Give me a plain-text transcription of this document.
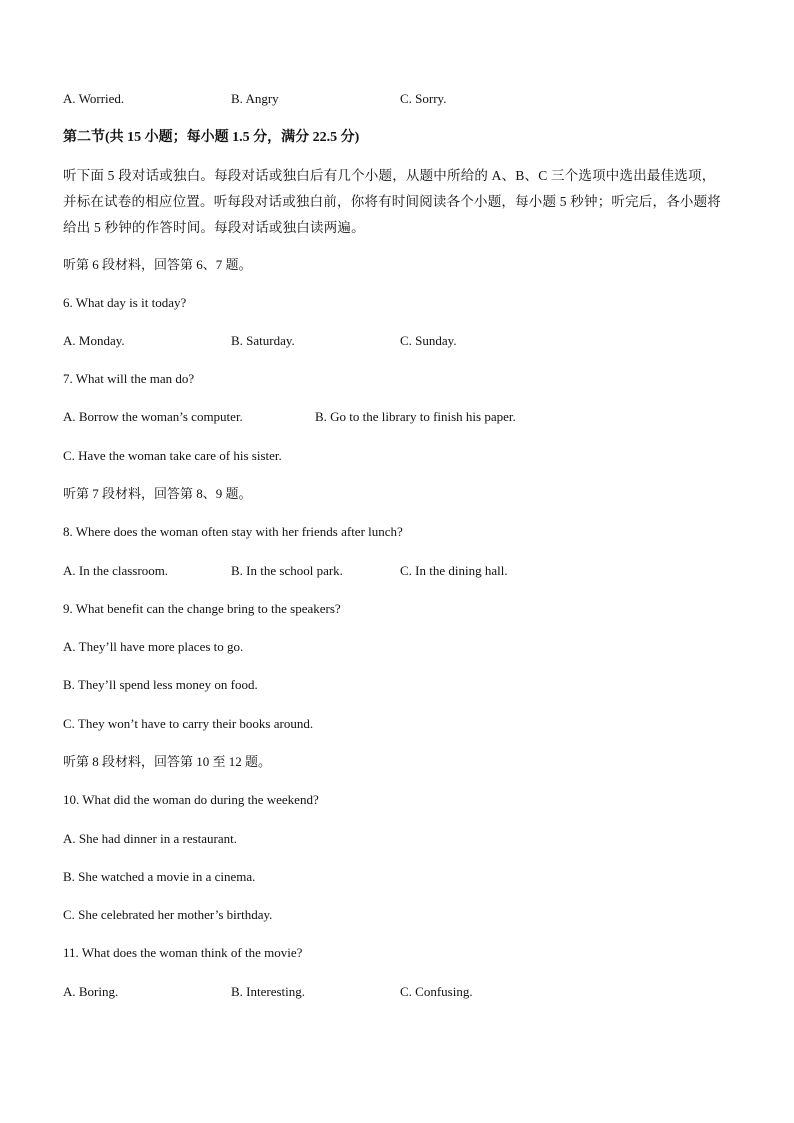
A. Worried.	B. Angry	C. Sorry.
第二节(共 15 小题；每小题 1.5 分，满分 22.5 分)
听下面 5 段对话或独白。每段对话或独白后有几个小题，从题中所给的 A、B、C 三个选项中选出最佳选项，
并标在试卷的相应位置。听每段对话或独白前，你将有时间阅读各个小题，每小题 5 秒钟；听完后，各小题将
给出 5 秒钟的作答时间。每段对话或独白读两遍。
听第 6 段材料，回答第 6、7 题。
6. What day is it today?
A. Monday.	B. Saturday.	C. Sunday.
7. What will the man do?
A. Borrow the woman’s computer.	B. Go to the library to finish his paper.
C. Have the woman take care of his sister.
听第 7 段材料，回答第 8、9 题。
8. Where does the woman often stay with her friends after lunch?
A. In the classroom.	B. In the school park.	C. In the dining hall.
9. What benefit can the change bring to the speakers?
A. They’ll have more places to go.
B. They’ll spend less money on food.
C. They won’t have to carry their books around.
听第 8 段材料，回答第 10 至 12 题。
10. What did the woman do during the weekend?
A. She had dinner in a restaurant.
B. She watched a movie in a cinema.
C. She celebrated her mother’s birthday.
11. What does the woman think of the movie?
A. Boring.	B. Interesting.	C. Confusing.
